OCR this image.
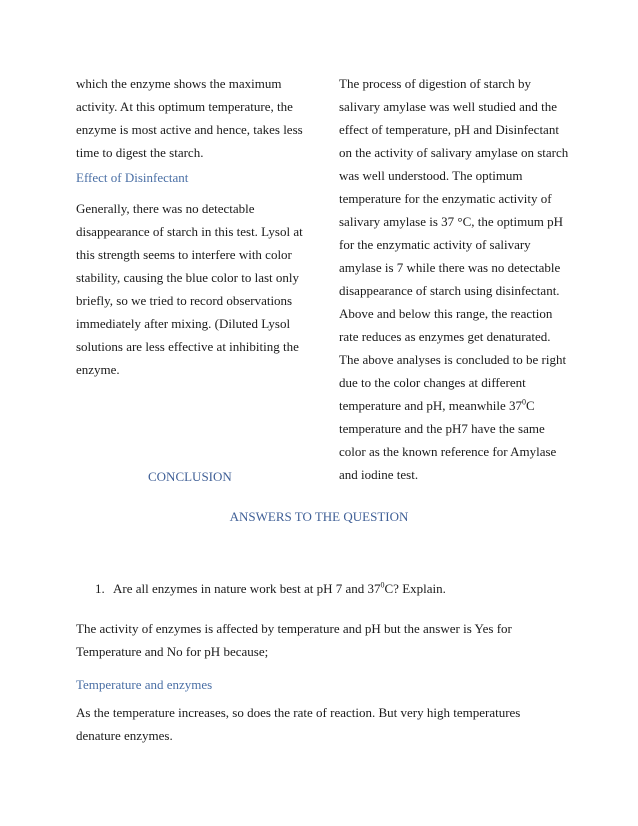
which the enzyme shows the maximum
activity. At this optimum temperature, the
enzyme is most active and hence, takes less
time to digest the starch.
Effect of Disinfectant
Generally, there was no detectable
disappearance of starch in this test. Lysol at
this strength seems to interfere with color
stability, causing the blue color to last only
briefly, so we tried to record observations
immediately after mixing. (Diluted Lysol
solutions are less effective at inhibiting the
enzyme.
The process of digestion of starch by
salivary amylase was well studied and the
effect of temperature, pH and Disinfectant
on the activity of salivary amylase on starch
was well understood. The optimum
temperature for the enzymatic activity of
salivary amylase is 37 °C, the optimum pH
for the enzymatic activity of salivary
amylase is 7 while there was no detectable
disappearance of starch using disinfectant.
Above and below this range, the reaction
rate reduces as enzymes get denaturated.
The above analyses is concluded to be right
due to the color changes at different
temperature and pH, meanwhile $37^0C$
temperature and the pH7 have the same
color as the known reference for Amylase
and iodine test.
CONCLUSION
ANSWERS TO THE QUESTION
1. Are all enzymes in nature work best at pH 7 and $37^0C$? Explain.
The activity of enzymes is affected by temperature and pH but the answer is Yes for
Temperature and No for pH because;
Temperature and enzymes
As the temperature increases, so does the rate of reaction. But very high temperatures
denature enzymes.
